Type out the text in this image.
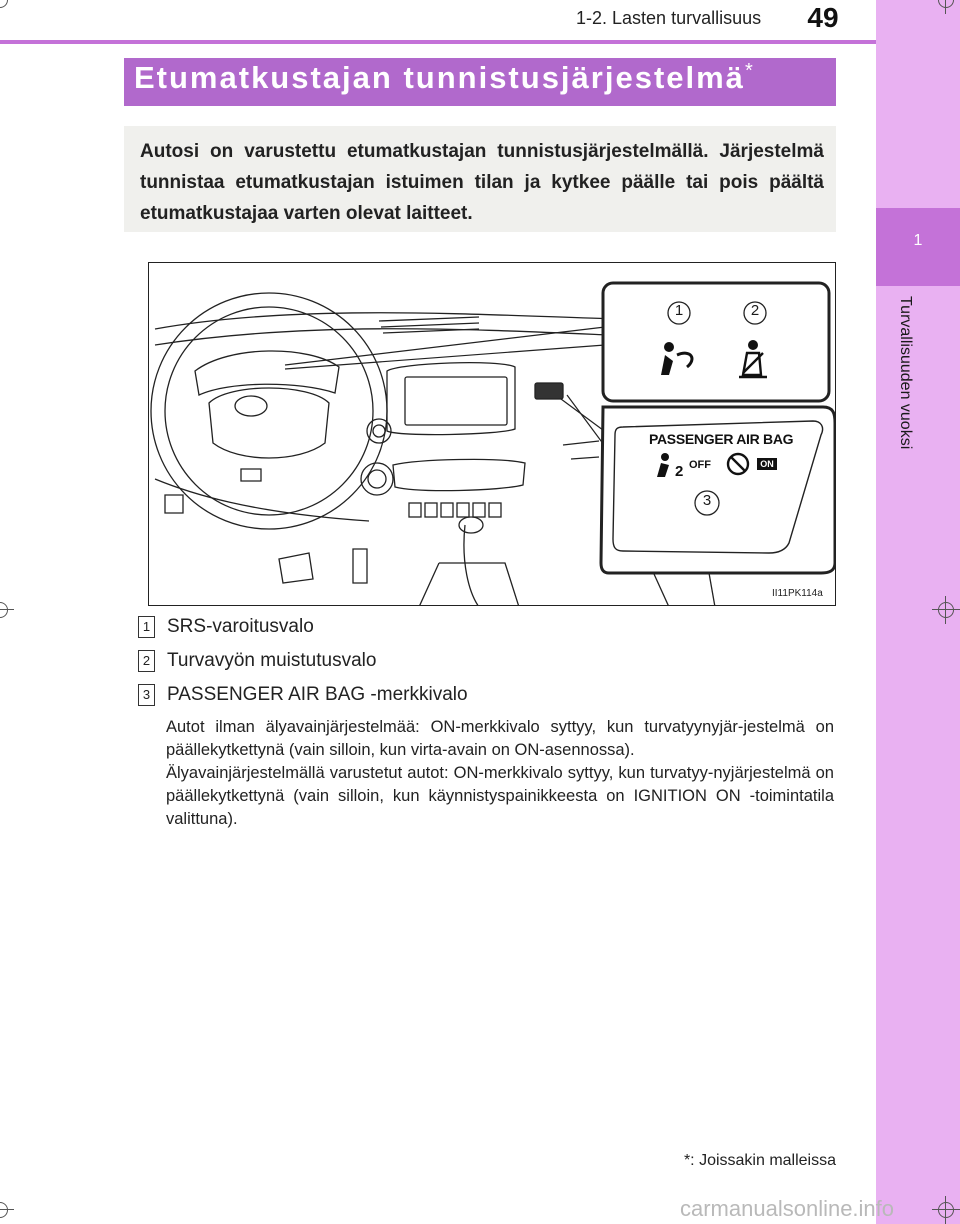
1-2. Lasten turvallisuus	49
1
Turvallisuuden vuoksi
Etumatkustajan tunnistusjärjestelmä*
Autosi on varustettu etumatkustajan tunnistusjärjestelmällä. Järjestelmä tunnistaa etumatkustajan istuimen tilan ja kytkee päälle tai pois päältä etumatkustajaa varten olevat laitteet.
1	2
PASSENGER AIR BAG
2 OFF	ON
3
II11PK114a
1 SRS-varoitusvalo
2 Turvavyön muistutusvalo
3 PASSENGER AIR BAG -merkkivalo

Autot ilman älyavainjärjestelmää: ON-merkkivalo syttyy, kun turvatyynyjär-jestelmä on päällekytkettynä (vain silloin, kun virta-avain on ON-asennossa).

Älyavainjärjestelmällä varustetut autot: ON-merkkivalo syttyy, kun turvatyy-nyjärjestelmä on päällekytkettynä (vain silloin, kun käynnistyspainikkeesta on IGNITION ON -toimintatila valittuna).

*: Joissakin malleissa
carmanualsonline.info
